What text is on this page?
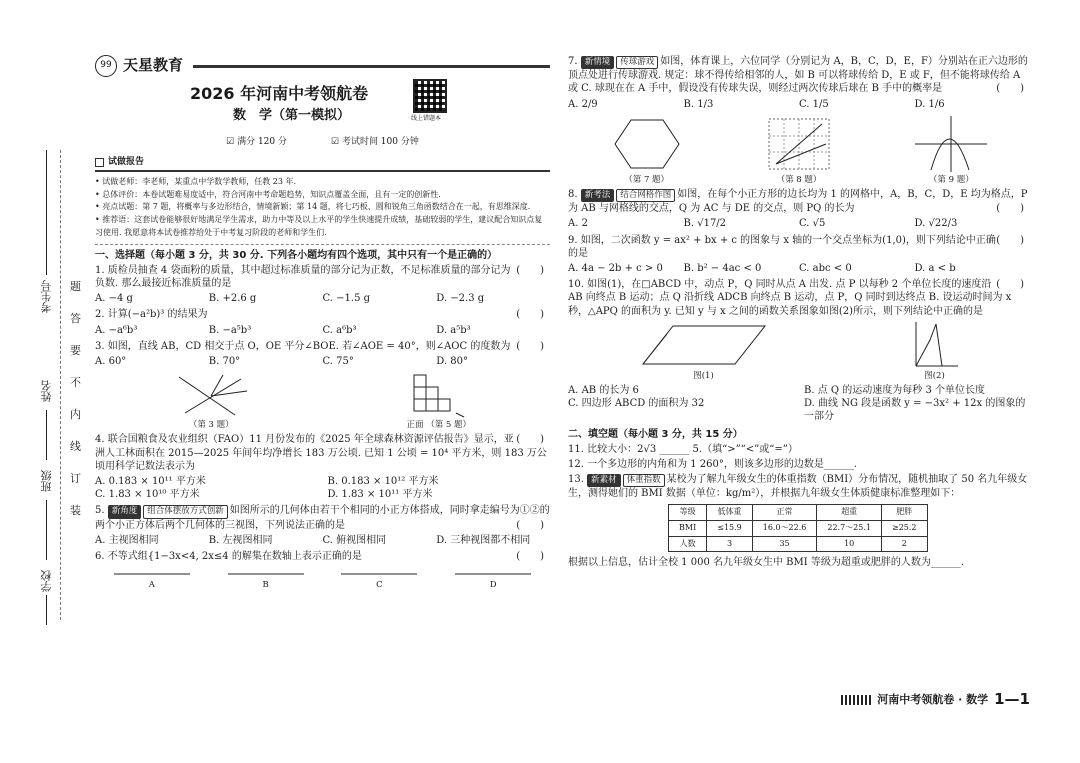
考生号
姓名
班级
学校
题
答
要
不
内
线
订
装
99 天星教育
2026 年河南中考领航卷
数　学（第一模拟）	线上错题本
☑ 满分 120 分	☑ 考试时间 100 分钟
试做报告

• 试做老师：李老师，某重点中学数学教师，任教 23 年.

• 总体评价：本卷试题难易度适中，符合河南中考命题趋势，知识点覆盖全面，且有一定的创新性.

• 亮点试题：第 7 题，将概率与多边形结合，情境新颖；第 14 题，将七巧板、圆和锐角三角函数结合在一起，有思维深度.

• 推荐语：这套试卷能够很好地满足学生需求，助力中等及以上水平的学生快速提升成绩，基础较弱的学生，建议配合知识点复习使用. 我愿意将本试卷推荐给处于中考复习阶段的老师和学生们.

一、选择题（每小题 3 分，共 30 分. 下列各小题均有四个选项，其中只有一个是正确的）
(　　)
1. 质检员抽查 4 袋面粉的质量，其中超过标准质量的部分记为正数，不足标准质量的部分记为负数. 那么最接近标准质量的是
A. −4 g	B. +2.6 g	C. −1.5 g	D. −2.3 g
(　　)
2. 计算(−a²b)³ 的结果为
A. −a⁶b³	B. −a⁵b³	C. a⁶b³	D. a⁵b³
(　　)
3. 如图，直线 AB，CD 相交于点 O，OE 平分∠BOE. 若∠AOE = 40°，则∠AOC 的度数为
A. 60°	B. 70°	C. 75°	D. 80°
（第 3 题）	正面 （第 5 题）
(　　)
4. 联合国粮食及农业组织（FAO）11 月份发布的《2025 年全球森林资源评估报告》显示，亚洲人工林面积在 2015—2025 年间年均净增长 183 万公顷. 已知 1 公顷 = 10⁴ 平方米，则 183 万公顷用科学记数法表示为
A. 0.183 × 10¹¹ 平方米	B. 0.183 × 10¹² 平方米
C. 1.83 × 10¹⁰ 平方米	D. 1.83 × 10¹¹ 平方米
5. 新角度 组合体摆放方式创新 如图所示的几何体由若干个相同的小正方体搭成，同时拿走编号为①②的两个小正方体后两个几何体的三视图，下列说法正确的是	(　　)
A. 主视图相同	B. 左视图相同	C. 俯视图相同	D. 三种视图都不相同
(　　)
6. 不等式组{1−3x<4, 2x≤4 的解集在数轴上表示正确的是
A	B	C	D
7. 新情境 传球游戏 如图，体育课上，六位同学（分别记为 A，B，C，D，E，F）分别站在正六边形的顶点处进行传球游戏. 规定：球不得传给相邻的人，如 B 可以将球传给 D，E 或 F，但不能将球传给 A 或 C. 球现在在 A 手中，假设没有传球失误，则经过两次传球后球在 B 手中的概率是	(　　)
A. 2/9	B. 1/3	C. 1/5	D. 1/6
（第 7 题）	（第 8 题）	（第 9 题）
8. 新考法 结合网格作图 如图，在每个小正方形的边长均为 1 的网格中，A，B，C，D，E 均为格点，P 为 AB 与网格线的交点，Q 为 AC 与 DE 的交点，则 PQ 的长为	(　　)
A. 2	B. √17/2	C. √5	D. √22/3
(　　)
9. 如图，二次函数 y = ax² + bx + c 的图象与 x 轴的一个交点坐标为(1,0)，则下列结论中正确的是
A. 4a − 2b + c > 0	B. b² − 4ac < 0	C. abc < 0	D. a < b
(　　)
10. 如图(1)，在□ABCD 中，动点 P，Q 同时从点 A 出发. 点 P 以每秒 2 个单位长度的速度沿 AB 向终点 B 运动；点 Q 沿折线 ADCB 向终点 B 运动，点 P，Q 同时到达终点 B. 设运动时间为 x 秒，△APQ 的面积为 y. 已知 y 与 x 之间的函数关系图象如图(2)所示，则下列结论中正确的是
图(1)	图(2)
A. AB 的长为 6	B. 点 Q 的运动速度为每秒 3 个单位长度
C. 四边形 ABCD 的面积为 32	D. 曲线 NG 段是函数 y = −3x² + 12x 的图象的一部分
二、填空题（每小题 3 分，共 15 分）
11. 比较大小：2√3 ______ 5.（填“>”“<”或“=”）
12. 一个多边形的内角和为 1 260°，则该多边形的边数是______.
13. 新素材 体重指数 某校为了解九年级女生的体重指数（BMI）分布情况，随机抽取了 50 名九年级女生，测得她们的 BMI 数据（单位：kg/m²），并根据九年级女生体质健康标准整理如下：
等级	低体重	正常	超重	肥胖
BMI	≤15.9	16.0～22.6	22.7～25.1	≥25.2
人数	3	35	10	2
根据以上信息，估计全校 1 000 名九年级女生中 BMI 等级为超重或肥胖的人数为______.
河南中考领航卷 · 数学 1—1
